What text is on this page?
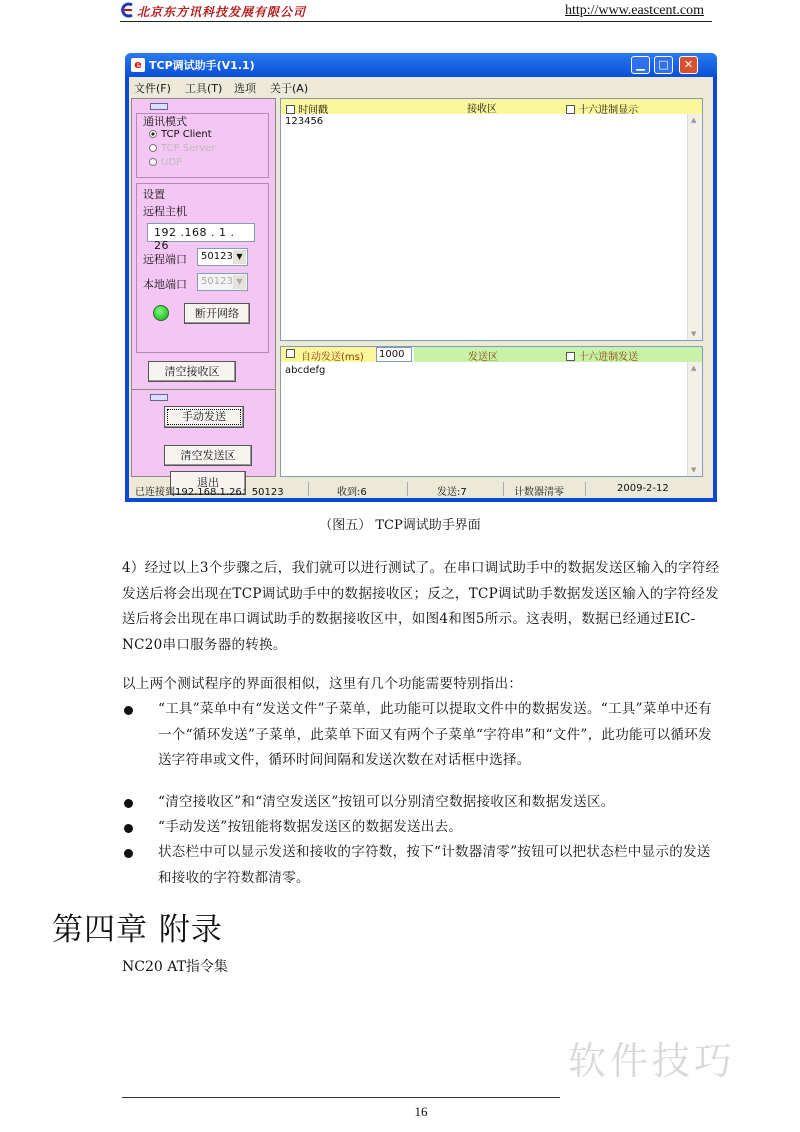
北京东方讯科技发展有限公司	http://www.eastcent.com
e TCP调试助手(V1.1)	▁	□	✕
文件(F) 工具(T) 选项 关于(A)
通讯模式
TCP Client
TCP Server
UDP
设置
远程主机
192 .168 . 1 . 26
远程端口	50123 ▼
本地端口	50123 ▼
断开网络
清空接收区
手动发送
清空发送区
退出
时间戳	接收区	十六进制显示
123456	▲
▼
自动发送(ms)	1000	发送区	十六进制发送
abcdefg	▲
▼
已连接到192.168.1.26：50123	收到:6	发送:7	计数器清零	2009-2-12
（图五） TCP调试助手界面
4）经过以上3个步骤之后，我们就可以进行测试了。在串口调试助手中的数据发送区输入的字符经发送后将会出现在TCP调试助手中的数据接收区；反之，TCP调试助手数据发送区输入的字符经发送后将会出现在串口调试助手的数据接收区中，如图4和图5所示。这表明，数据已经通过EIC-NC20串口服务器的转换。
以上两个测试程序的界面很相似，这里有几个功能需要特别指出：
“工具”菜单中有“发送文件”子菜单，此功能可以提取文件中的数据发送。“工具”菜单中还有一个“循环发送”子菜单，此菜单下面又有两个子菜单“字符串”和“文件”，此功能可以循环发送字符串或文件，循环时间间隔和发送次数在对话框中选择。
“清空接收区”和“清空发送区”按钮可以分别清空数据接收区和数据发送区。
“手动发送”按钮能将数据发送区的数据发送出去。
状态栏中可以显示发送和接收的字符数，按下“计数器清零”按钮可以把状态栏中显示的发送和接收的字符数都清零。
第四章 附录
NC20 AT指令集
软件技巧
16
